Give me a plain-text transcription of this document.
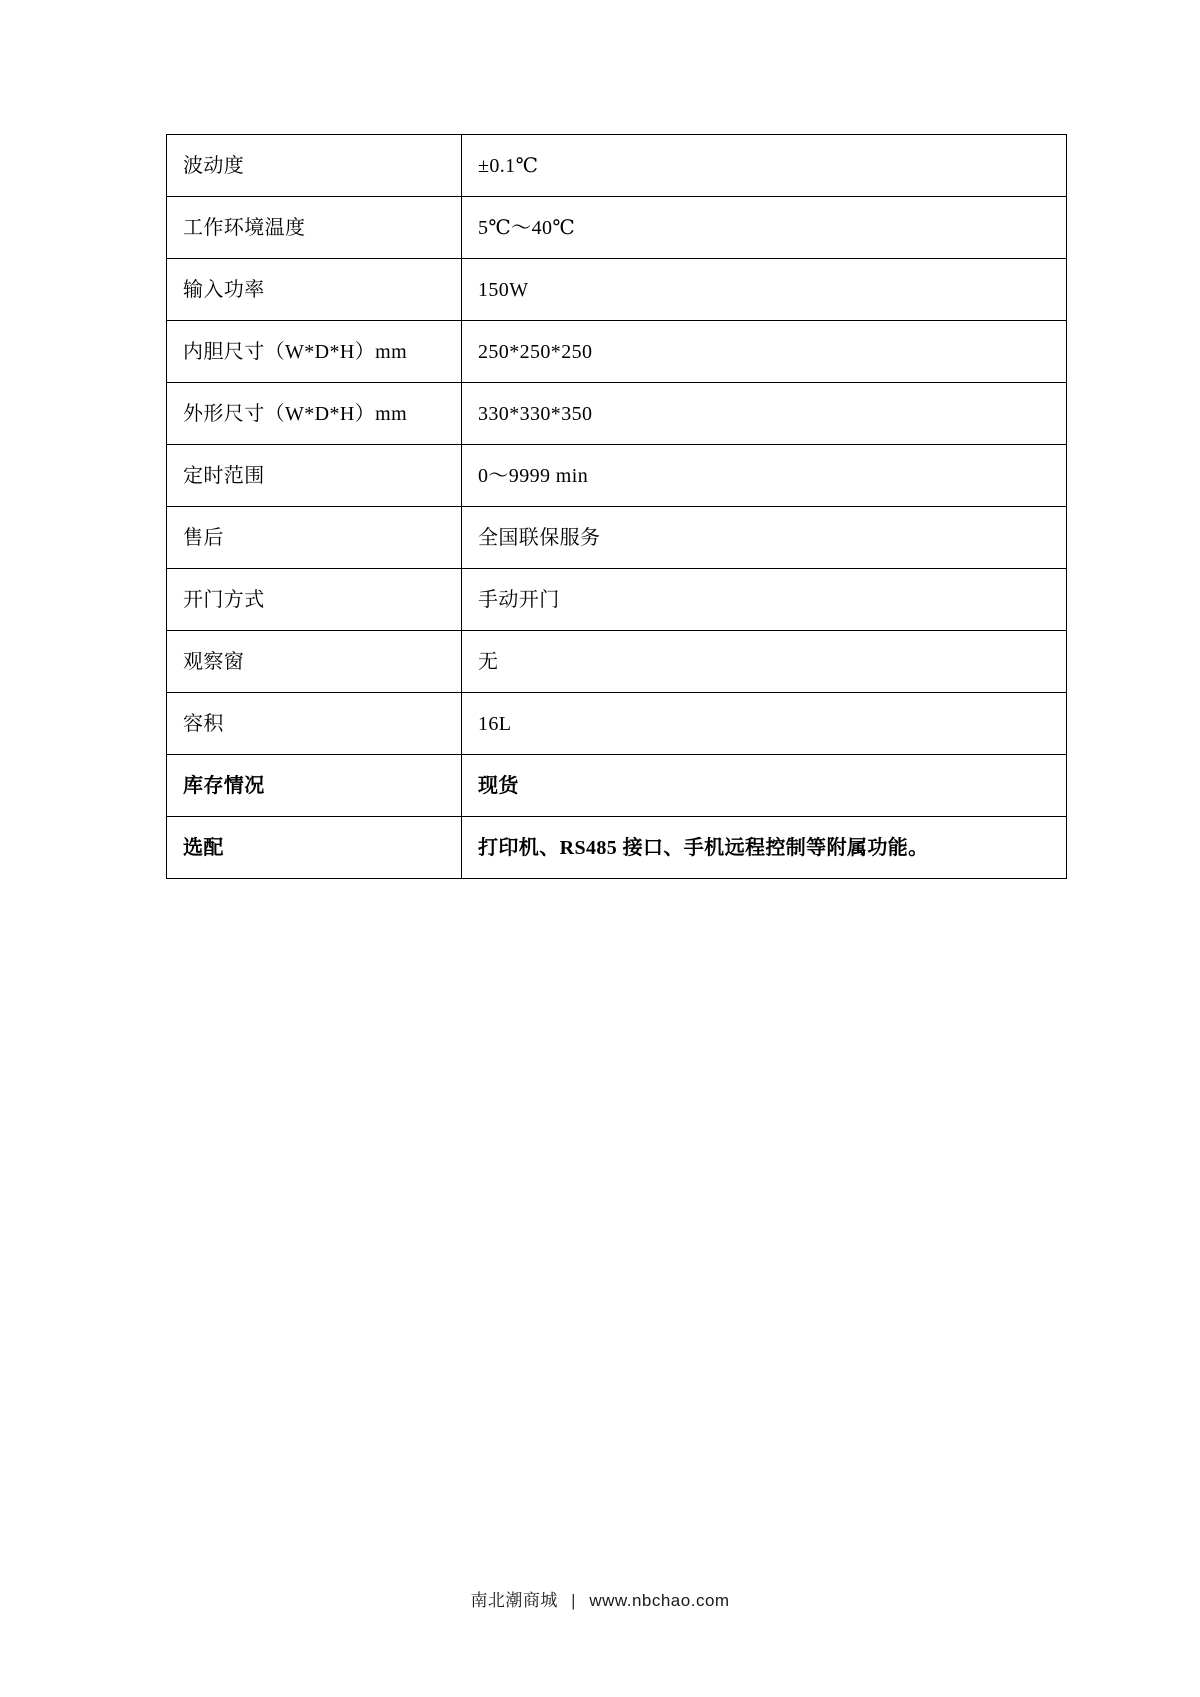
波动度	±0.1℃
工作环境温度	5℃～40℃
输入功率	150W
内胆尺寸（W*D*H）mm	250*250*250
外形尺寸（W*D*H）mm	330*330*350
定时范围	0～9999 min
售后	全国联保服务
开门方式	手动开门
观察窗	无
容积	16L
库存情况	现货
选配	打印机、RS485 接口、手机远程控制等附属功能。
南北潮商城 | www.nbchao.com
